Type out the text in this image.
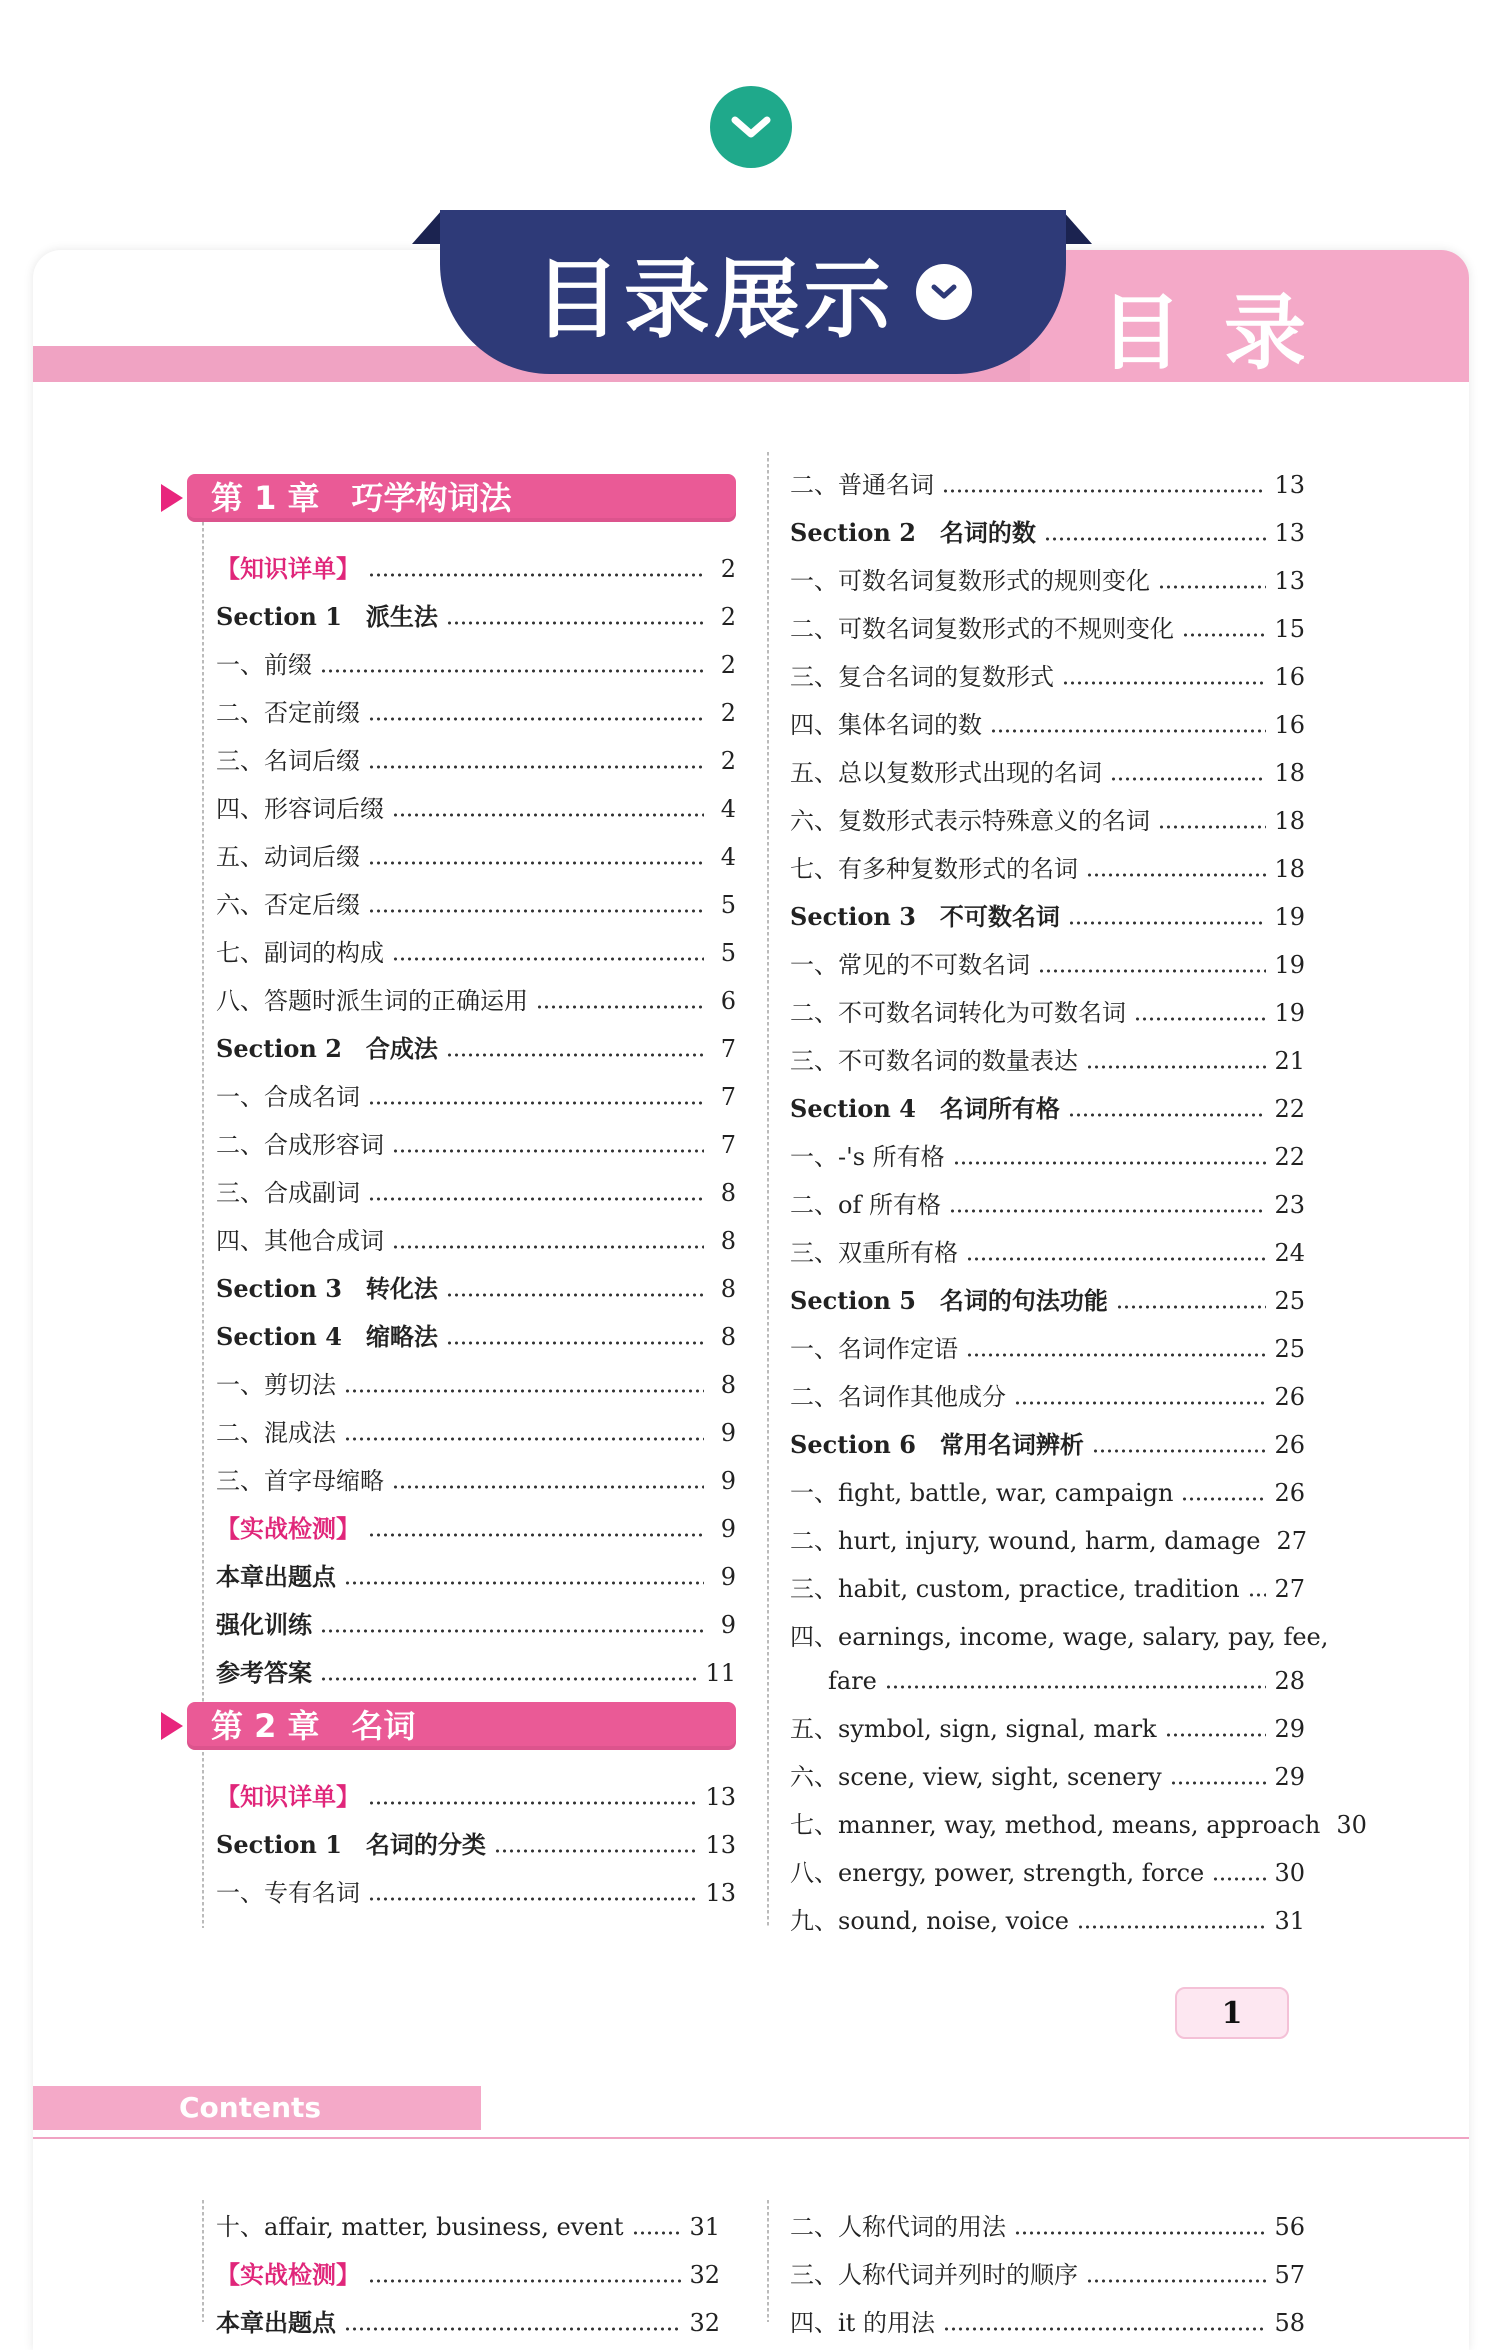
目录
目录展示
第 1 章　巧学构词法
【知识详单】	2
Section 1　派生法	2
一、前缀	2
二、否定前缀	2
三、名词后缀	2
四、形容词后缀	4
五、动词后缀	4
六、否定后缀	5
七、副词的构成	5
八、答题时派生词的正确运用	6
Section 2　合成法	7
一、合成名词	7
二、合成形容词	7
三、合成副词	8
四、其他合成词	8
Section 3　转化法	8
Section 4　缩略法	8
一、剪切法	8
二、混成法	9
三、首字母缩略	9
【实战检测】	9
本章出题点	9
强化训练	9
参考答案	11
第 2 章　名词
【知识详单】	13
Section 1　名词的分类	13
一、专有名词	13
二、普通名词	13
Section 2　名词的数	13
一、可数名词复数形式的规则变化	13
二、可数名词复数形式的不规则变化	15
三、复合名词的复数形式	16
四、集体名词的数	16
五、总以复数形式出现的名词	18
六、复数形式表示特殊意义的名词	18
七、有多种复数形式的名词	18
Section 3　不可数名词	19
一、常见的不可数名词	19
二、不可数名词转化为可数名词	19
三、不可数名词的数量表达	21
Section 4　名词所有格	22
一、-'s 所有格	22
二、of 所有格	23
三、双重所有格	24
Section 5　名词的句法功能	25
一、名词作定语	25
二、名词作其他成分	26
Section 6　常用名词辨析	26
一、fight, battle, war, campaign	26
二、hurt, injury, wound, harm, damage 27
三、habit, custom, practice, tradition 27
四、earnings, income, wage, salary, pay, fee,
fare	28
五、symbol, sign, signal, mark	29
六、scene, view, sight, scenery	29
七、manner, way, method, means, approach 30
八、energy, power, strength, force	30
九、sound, noise, voice	31
1
Contents
十、affair, matter, business, event	31
【实战检测】	32
本章出题点	32
二、人称代词的用法	56
三、人称代词并列时的顺序	57
四、it 的用法	58
